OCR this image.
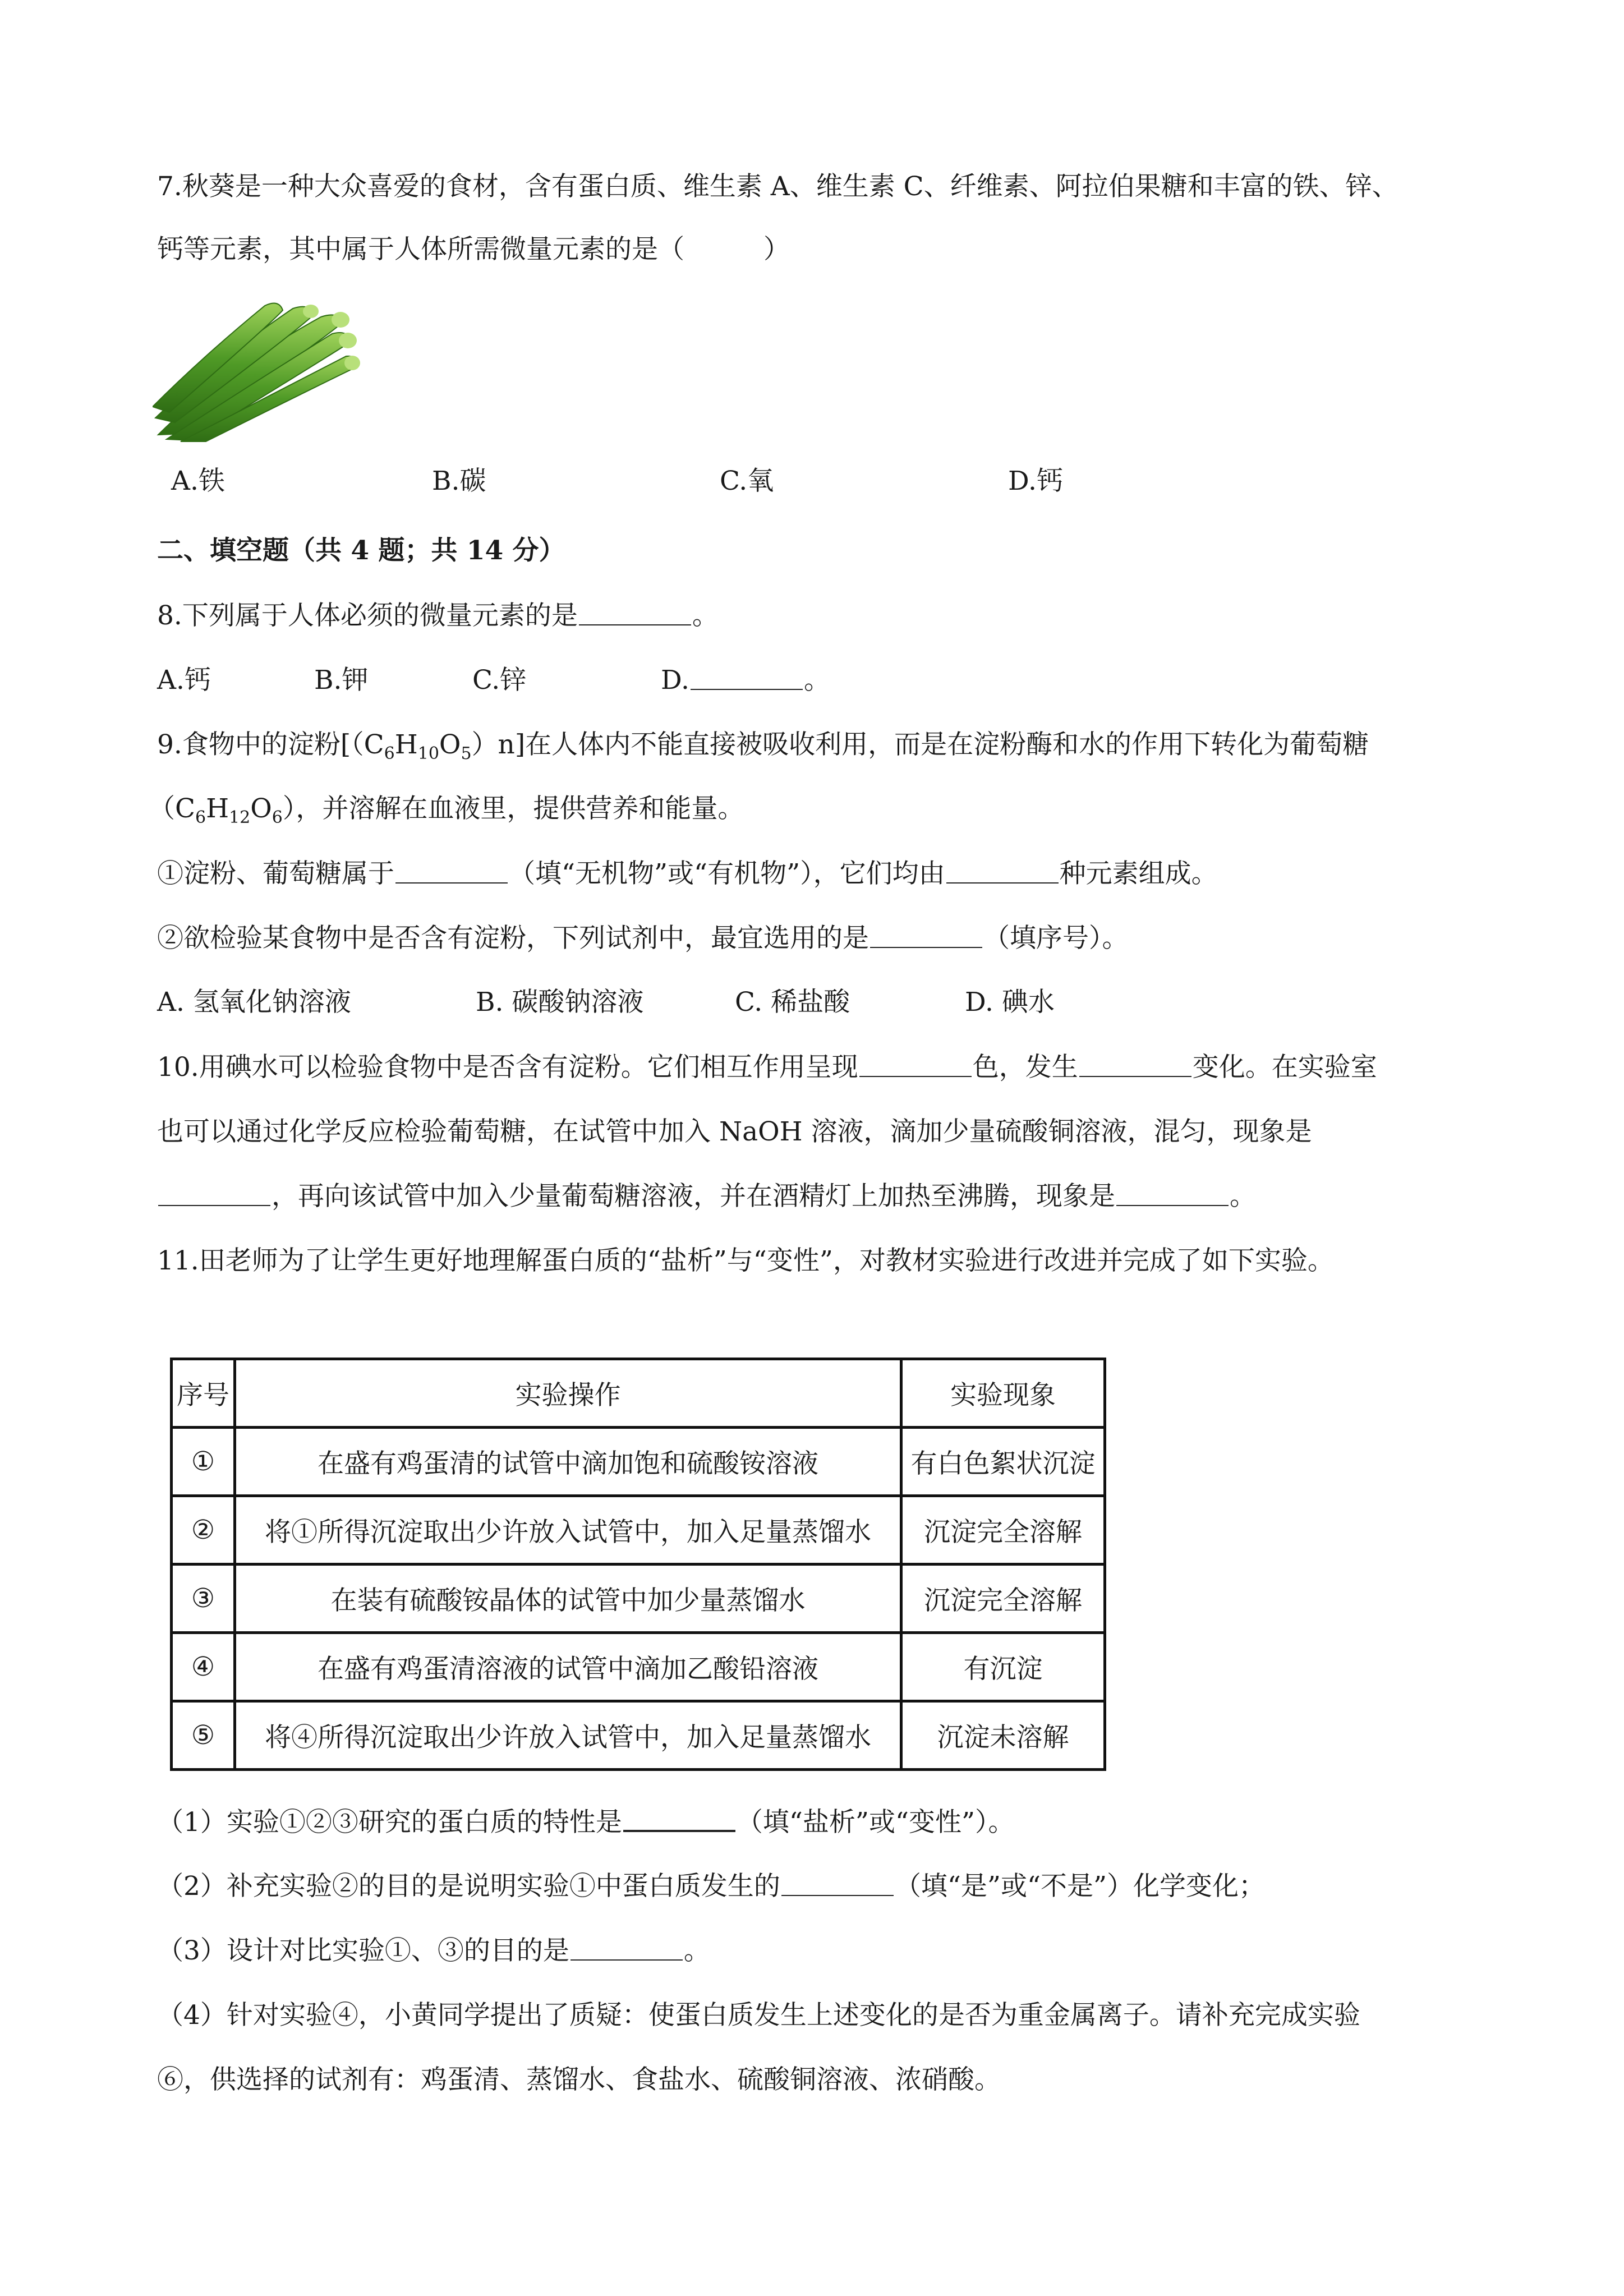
7.秋葵是一种大众喜爱的食材，含有蛋白质、维生素 A、维生素 C、纤维素、阿拉伯果糖和丰富的铁、锌、
钙等元素，其中属于人体所需微量元素的是（　　　）
A.铁	B.碳	C.氧	D.钙
二、填空题（共 4 题；共 14 分）
8.下列属于人体必须的微量元素的是	。
A.钙	B.钾	C.锌	D.	。
9.食物中的淀粉$[(C_6H_{10}O_5)n]$在人体内不能直接被吸收利用，而是在淀粉酶和水的作用下转化为葡萄糖
$(C_6H_{12}O_6)$，并溶解在血液里，提供营养和能量。
①淀粉、葡萄糖属于	（填“无机物”或“有机物”），它们均由	种元素组成。
②欲检验某食物中是否含有淀粉，下列试剂中，最宜选用的是	（填序号）。
A. 氢氧化钠溶液	B. 碳酸钠溶液	C. 稀盐酸	D. 碘水
10.用碘水可以检验食物中是否含有淀粉。它们相互作用呈现	色，发生	变化。在实验室
也可以通过化学反应检验葡萄糖，在试管中加入 NaOH 溶液，滴加少量硫酸铜溶液，混匀，现象是
，再向该试管中加入少量葡萄糖溶液，并在酒精灯上加热至沸腾，现象是	。
11.田老师为了让学生更好地理解蛋白质的“盐析”与“变性”，对教材实验进行改进并完成了如下实验。
序号	实验操作	实验现象
①	在盛有鸡蛋清的试管中滴加饱和硫酸铵溶液	有白色絮状沉淀
②	将①所得沉淀取出少许放入试管中，加入足量蒸馏水	沉淀完全溶解
③	在装有硫酸铵晶体的试管中加少量蒸馏水	沉淀完全溶解
④	在盛有鸡蛋清溶液的试管中滴加乙酸铅溶液	有沉淀
⑤	将④所得沉淀取出少许放入试管中，加入足量蒸馏水	沉淀未溶解
（1）实验①②③研究的蛋白质的特性是	（填“盐析”或“变性”）。
（2）补充实验②的目的是说明实验①中蛋白质发生的	（填“是”或“不是”）化学变化；
（3）设计对比实验①、③的目的是	。
（4）针对实验④，小黄同学提出了质疑：使蛋白质发生上述变化的是否为重金属离子。请补充完成实验
⑥，供选择的试剂有：鸡蛋清、蒸馏水、食盐水、硫酸铜溶液、浓硝酸。
